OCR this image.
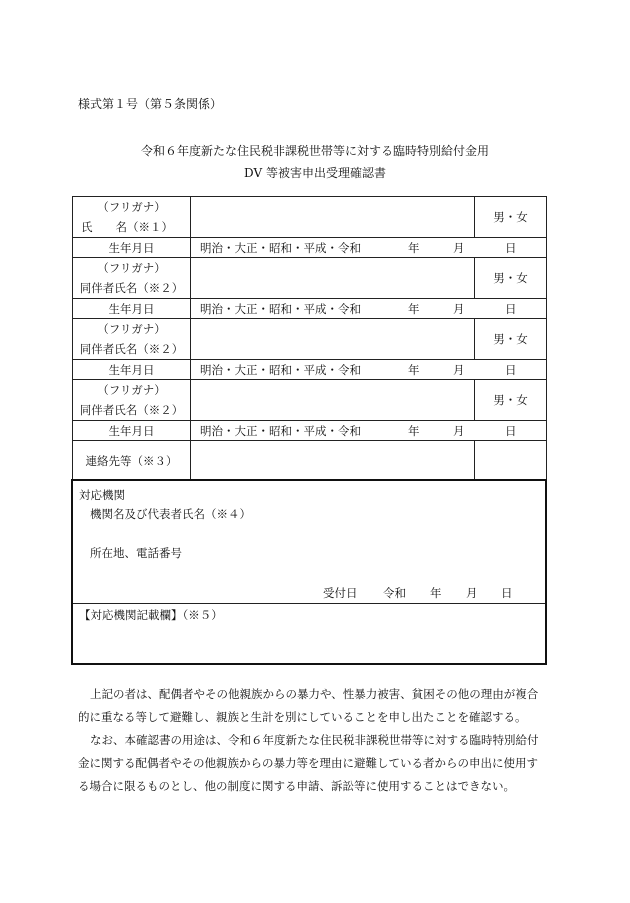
様式第１号（第５条関係）
令和６年度新たな住民税非課税世帯等に対する臨時特別給付金用
DV 等被害申出受理確認書
（フリガナ）
氏　　名（※１）		男・女
生年月日	明治・大正・昭和・平成・令和 年 月 日	

（フリガナ）
同伴者氏名（※２）		男・女
生年月日	明治・大正・昭和・平成・令和 年 月 日	

（フリガナ）
同伴者氏名（※２）		男・女
生年月日	明治・大正・昭和・平成・令和 年 月 日	

（フリガナ）
同伴者氏名（※２）		男・女
生年月日	明治・大正・昭和・平成・令和 年 月 日	

連絡先等（※３）		
対応機関
機関名及び代表者氏名（※４）
所在地、電話番号
受付日 令和 年 月 日
【対応機関記載欄】（※５）
上記の者は、配偶者やその他親族からの暴力や、性暴力被害、貧困その他の理由が複合
的に重なる等して避難し、親族と生計を別にしていることを申し出たことを確認する。
なお、本確認書の用途は、令和６年度新たな住民税非課税世帯等に対する臨時特別給付
金に関する配偶者やその他親族からの暴力等を理由に避難している者からの申出に使用す
る場合に限るものとし、他の制度に関する申請、訴訟等に使用することはできない。
